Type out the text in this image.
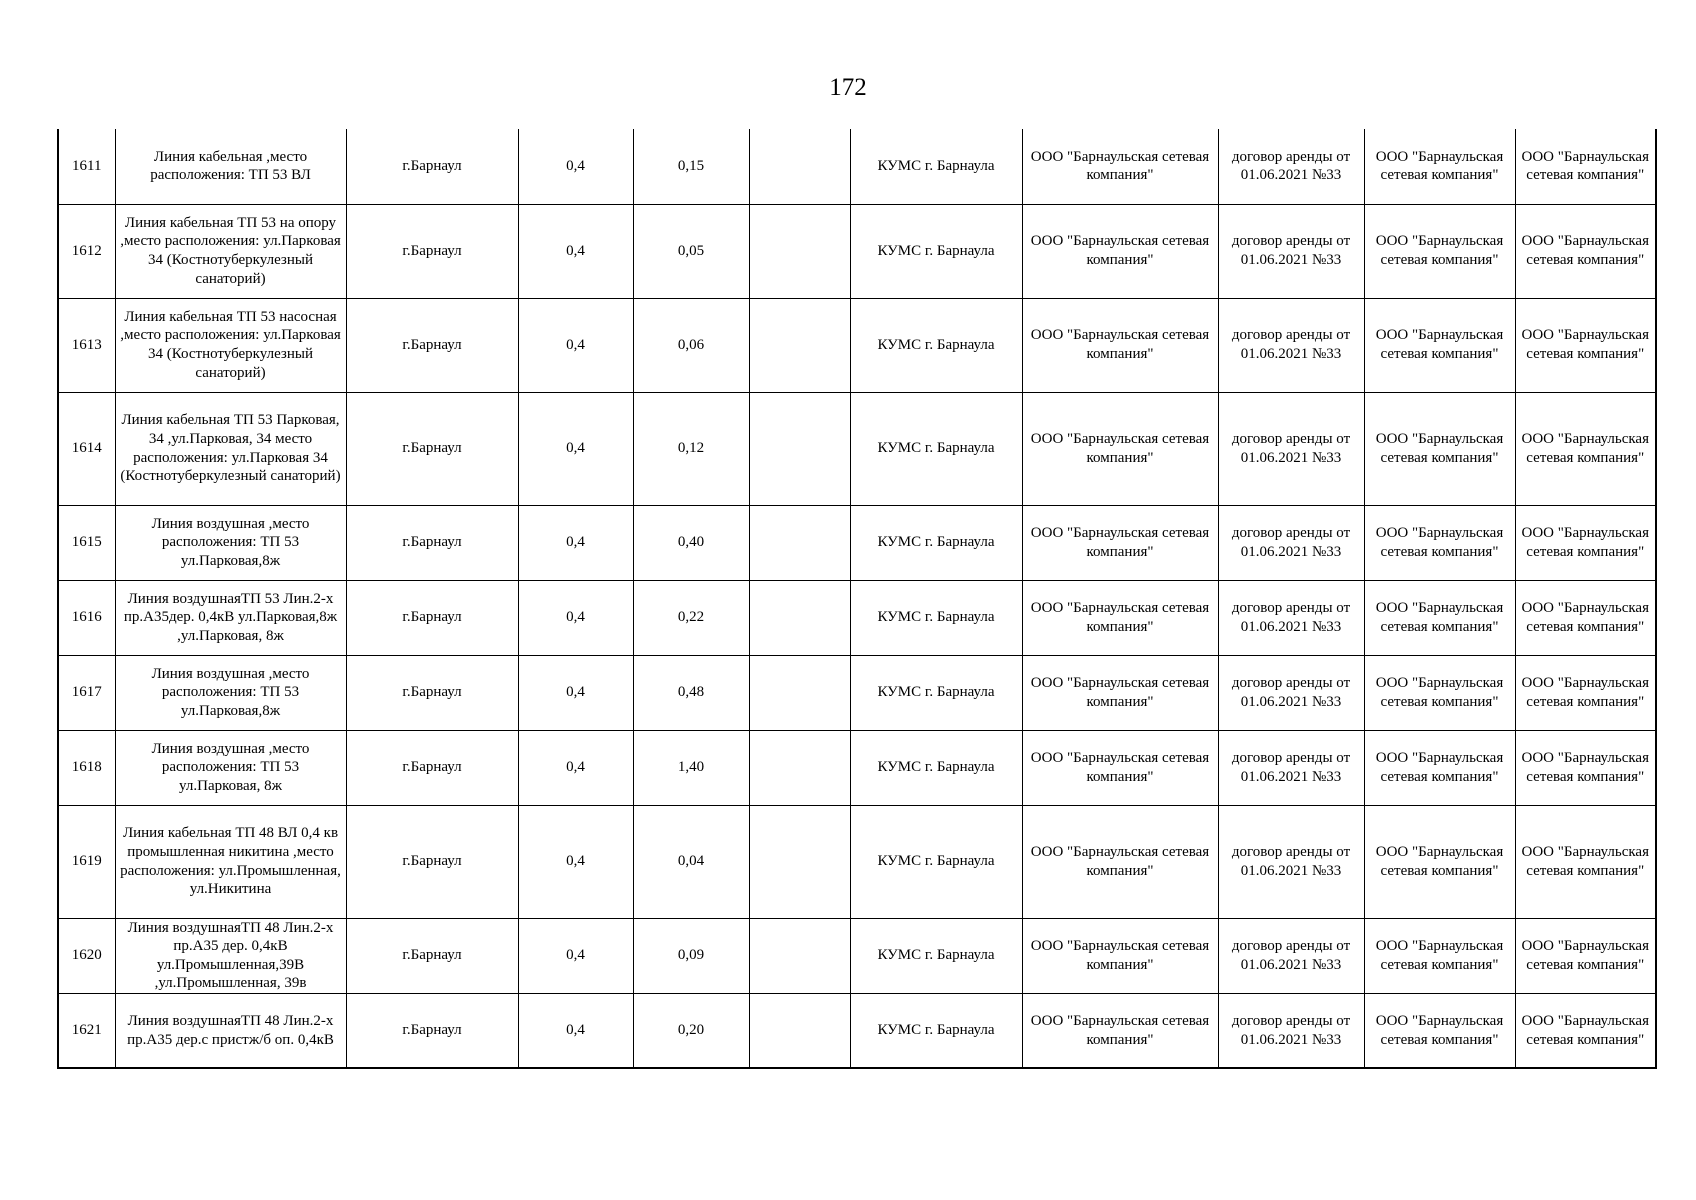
172
1611	Линия кабельная ,место расположения: ТП 53 ВЛ	г.Барнаул	0,4	0,15		КУМС г. Барнаула	ООО "Барнаульская сетевая компания"	договор аренды от 01.06.2021 №33	ООО "Барнаульская сетевая компания"	ООО "Барнаульская сетевая компания"

1612	Линия кабельная ТП 53 на опору ,место расположения: ул.Парковая 34 (Костнотуберкулезный санаторий)	г.Барнаул	0,4	0,05		КУМС г. Барнаула	ООО "Барнаульская сетевая компания"	договор аренды от 01.06.2021 №33	ООО "Барнаульская сетевая компания"	ООО "Барнаульская сетевая компания"

1613	Линия кабельная ТП 53 насосная ,место расположения: ул.Парковая 34 (Костнотуберкулезный санаторий)	г.Барнаул	0,4	0,06		КУМС г. Барнаула	ООО "Барнаульская сетевая компания"	договор аренды от 01.06.2021 №33	ООО "Барнаульская сетевая компания"	ООО "Барнаульская сетевая компания"

1614	Линия кабельная ТП 53 Парковая, 34 ,ул.Парковая, 34 место расположения: ул.Парковая 34 (Костнотуберкулезный санаторий)	г.Барнаул	0,4	0,12		КУМС г. Барнаула	ООО "Барнаульская сетевая компания"	договор аренды от 01.06.2021 №33	ООО "Барнаульская сетевая компания"	ООО "Барнаульская сетевая компания"

1615	Линия воздушная ,место расположения: ТП 53 ул.Парковая,8ж	г.Барнаул	0,4	0,40		КУМС г. Барнаула	ООО "Барнаульская сетевая компания"	договор аренды от 01.06.2021 №33	ООО "Барнаульская сетевая компания"	ООО "Барнаульская сетевая компания"

1616	Линия воздушнаяТП 53 Лин.2-х пр.А35дер. 0,4кВ ул.Парковая,8ж ,ул.Парковая, 8ж	г.Барнаул	0,4	0,22		КУМС г. Барнаула	ООО "Барнаульская сетевая компания"	договор аренды от 01.06.2021 №33	ООО "Барнаульская сетевая компания"	ООО "Барнаульская сетевая компания"

1617	Линия воздушная ,место расположения: ТП 53 ул.Парковая,8ж	г.Барнаул	0,4	0,48		КУМС г. Барнаула	ООО "Барнаульская сетевая компания"	договор аренды от 01.06.2021 №33	ООО "Барнаульская сетевая компания"	ООО "Барнаульская сетевая компания"

1618	Линия воздушная ,место расположения: ТП 53 ул.Парковая, 8ж	г.Барнаул	0,4	1,40		КУМС г. Барнаула	ООО "Барнаульская сетевая компания"	договор аренды от 01.06.2021 №33	ООО "Барнаульская сетевая компания"	ООО "Барнаульская сетевая компания"

1619	Линия кабельная ТП 48 ВЛ 0,4 кв промышленная никитина ,место расположения: ул.Промышленная, ул.Никитина	г.Барнаул	0,4	0,04		КУМС г. Барнаула	ООО "Барнаульская сетевая компания"	договор аренды от 01.06.2021 №33	ООО "Барнаульская сетевая компания"	ООО "Барнаульская сетевая компания"

1620	Линия воздушнаяТП 48 Лин.2-х пр.А35 дер. 0,4кВ ул.Промышленная,39В ,ул.Промышленная, 39в	г.Барнаул	0,4	0,09		КУМС г. Барнаула	ООО "Барнаульская сетевая компания"	договор аренды от 01.06.2021 №33	ООО "Барнаульская сетевая компания"	ООО "Барнаульская сетевая компания"

1621	Линия воздушнаяТП 48 Лин.2-х пр.А35 дер.с пристж/б оп. 0,4кВ	г.Барнаул	0,4	0,20		КУМС г. Барнаула	ООО "Барнаульская сетевая компания"	договор аренды от 01.06.2021 №33	ООО "Барнаульская сетевая компания"	ООО "Барнаульская сетевая компания"
